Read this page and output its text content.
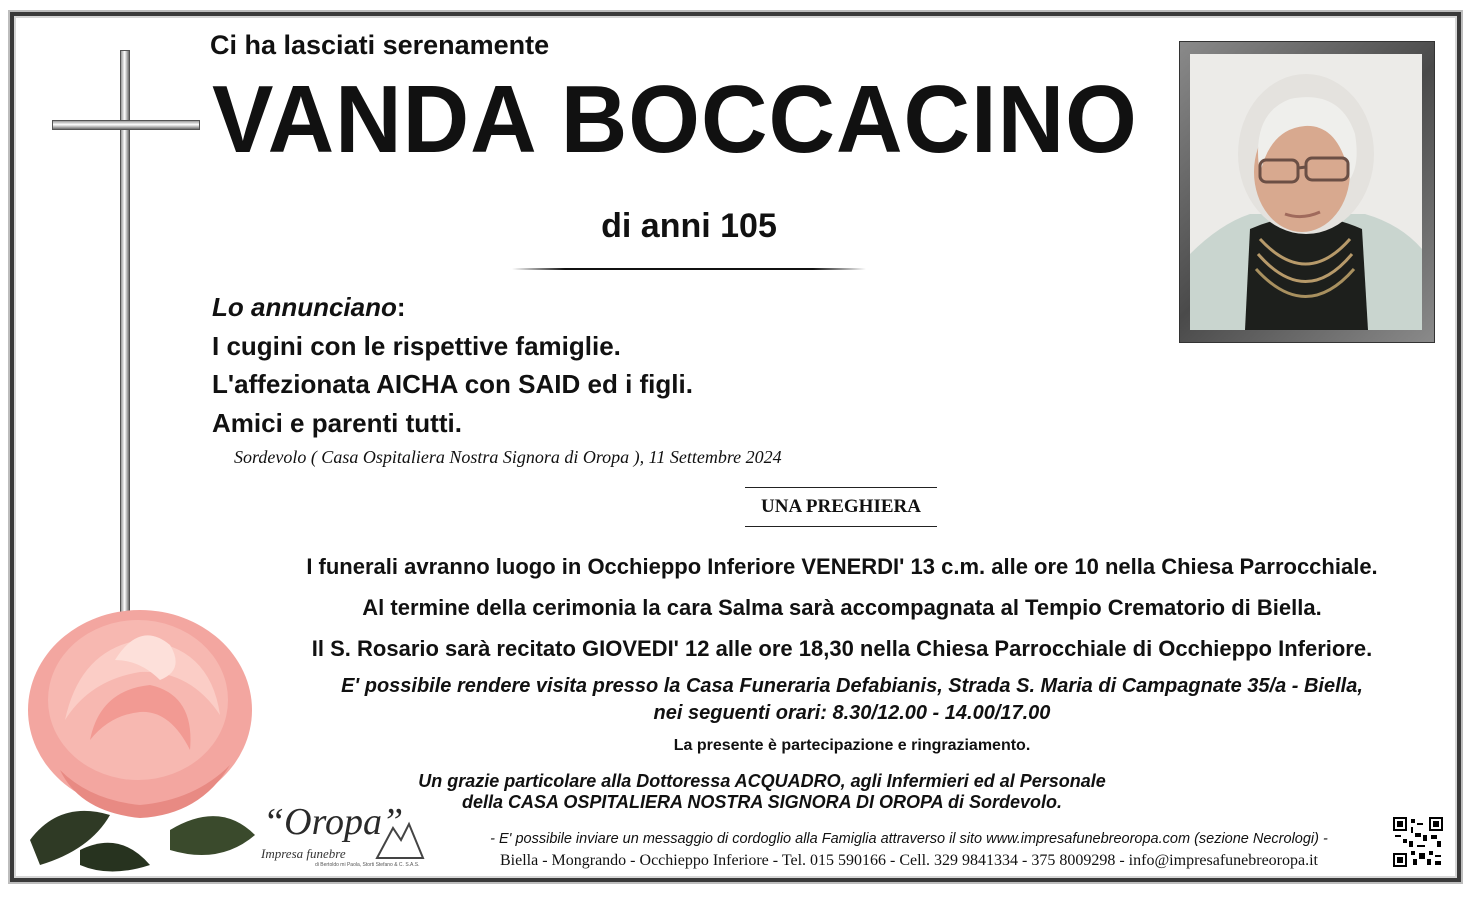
Ci ha lasciati serenamente
VANDA BOCCACINO
di anni 105
Lo annunciano:
I cugini con le rispettive famiglie.
L'affezionata AICHA con SAID ed i figli.
Amici e parenti tutti.
Sordevolo ( Casa Ospitaliera Nostra Signora di Oropa ), 11 Settembre 2024
UNA PREGHIERA
I funerali avranno luogo in Occhieppo Inferiore VENERDI' 13 c.m. alle ore 10 nella Chiesa Parrocchiale.
Al termine della cerimonia la cara Salma sarà accompagnata al Tempio Crematorio di Biella.
Il S. Rosario sarà recitato GIOVEDI' 12 alle ore 18,30 nella Chiesa Parrocchiale di Occhieppo Inferiore.
E' possibile rendere visita presso la Casa Funeraria Defabianis, Strada S. Maria di Campagnate 35/a - Biella,
nei seguenti orari: 8.30/12.00 - 14.00/17.00
La presente è partecipazione e ringraziamento.
Un grazie particolare alla Dottoressa ACQUADRO, agli Infermieri ed al Personale
della CASA OSPITALIERA NOSTRA SIGNORA DI OROPA di Sordevolo.
“Oropa”
Impresa funebre
di Bertoldo mi Paola, Storti Stefano & C. S.A.S.
- E' possibile inviare un messaggio di cordoglio alla Famiglia attraverso il sito www.impresafunebreoropa.com (sezione Necrologi) -
Biella - Mongrando - Occhieppo Inferiore - Tel. 015 590166 - Cell. 329 9841334 - 375 8009298 - info@impresafunebreoropa.it
